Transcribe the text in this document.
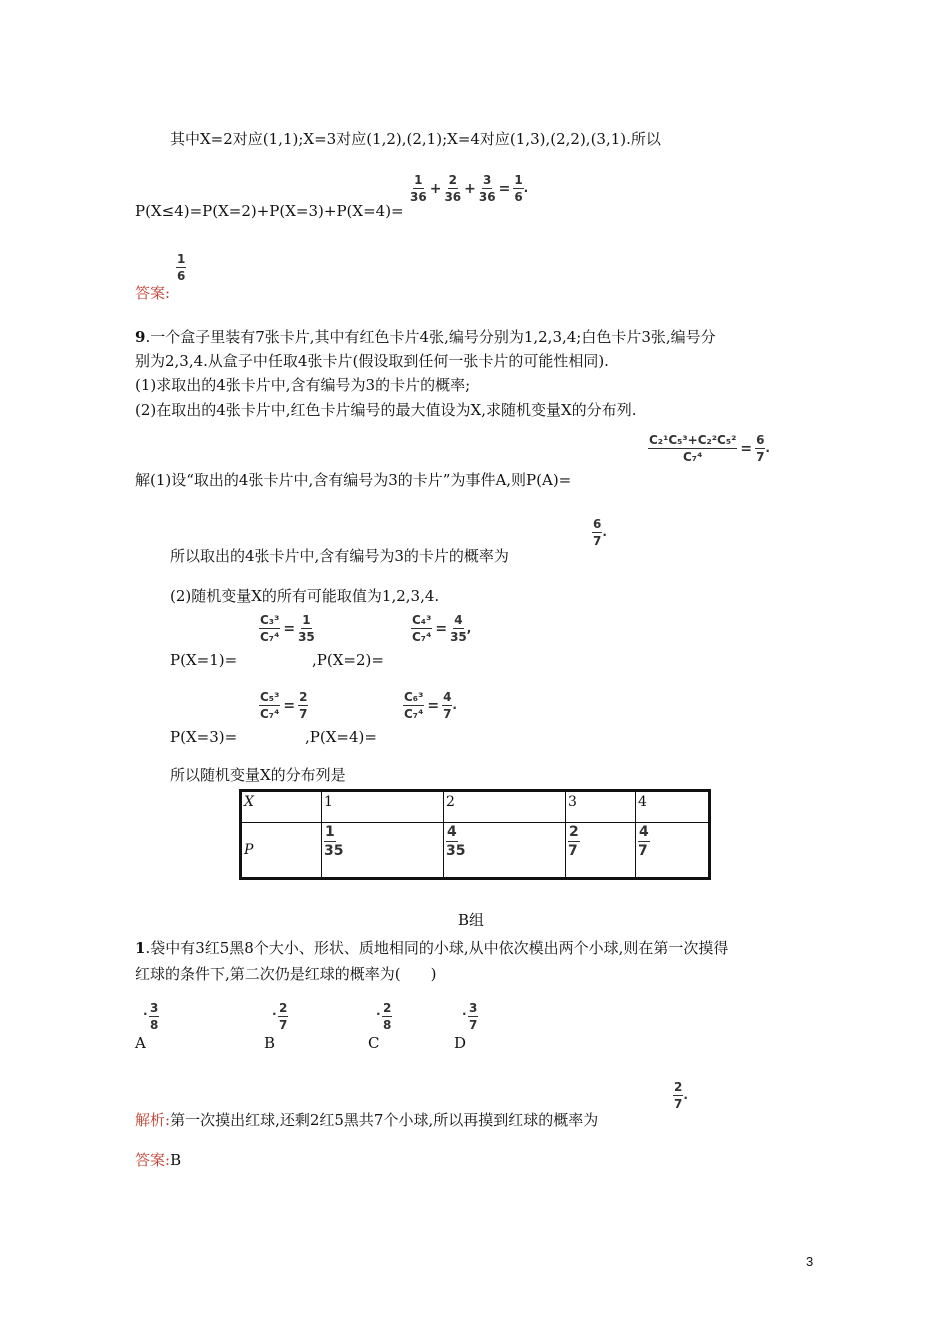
其中X=2对应(1,1);X=3对应(1,2),(2,1);X=4对应(1,3),(2,2),(3,1).所以
P(X≤4)=P(X=2)+P(X=3)+P(X=4)=
$\frac{1}{36} + \frac{2}{36} + \frac{3}{36} = \frac{1}{6}$ .
$\frac{1}{6}$
答案:
9.一个盒子里装有7张卡片,其中有红色卡片4张,编号分别为1,2,3,4;白色卡片3张,编号分
别为2,3,4.从盒子中任取4张卡片(假设取到任何一张卡片的可能性相同).
(1)求取出的4张卡片中,含有编号为3的卡片的概率;
(2)在取出的4张卡片中,红色卡片编号的最大值设为X,求随机变量X的分布列.
解(1)设“取出的4张卡片中,含有编号为3的卡片”为事件A,则P(A)=
$\frac{\text{C₂¹C₅³+C₂²C₅²}}{\text{C₇⁴}} = \frac{6}{7}$ .
$\frac{6}{7}$ .
所以取出的4张卡片中,含有编号为3的卡片的概率为
(2)随机变量X的所有可能取值为1,2,3,4.
P(X=1)=
$\frac{\text{C₃³}}{\text{C₇⁴}} = \frac{1}{35}$
,P(X=2)=
$\frac{\text{C₄³}}{\text{C₇⁴}} = \frac{4}{35}$ ,
P(X=3)=
$\frac{\text{C₅³}}{\text{C₇⁴}} = \frac{2}{7}$
,P(X=4)=
$\frac{\text{C₆³}}{\text{C₇⁴}} = \frac{4}{7}$ .
所以随机变量X的分布列是
X	1	2	3	4
P	$\frac{1}{35}$	$\frac{4}{35}$	$\frac{2}{7}$	$\frac{4}{7}$
B组
1.袋中有3红5黑8个大小、形状、质地相同的小球,从中依次模出两个小球,则在第一次摸得
红球的条件下,第二次仍是红球的概率为(　　)
. $\frac{3}{8}$
A
. $\frac{2}{7}$
B
. $\frac{2}{8}$
C
. $\frac{3}{7}$
D
$\frac{2}{7}$ .
解析:第一次摸出红球,还剩2红5黑共7个小球,所以再摸到红球的概率为
答案:B
3
